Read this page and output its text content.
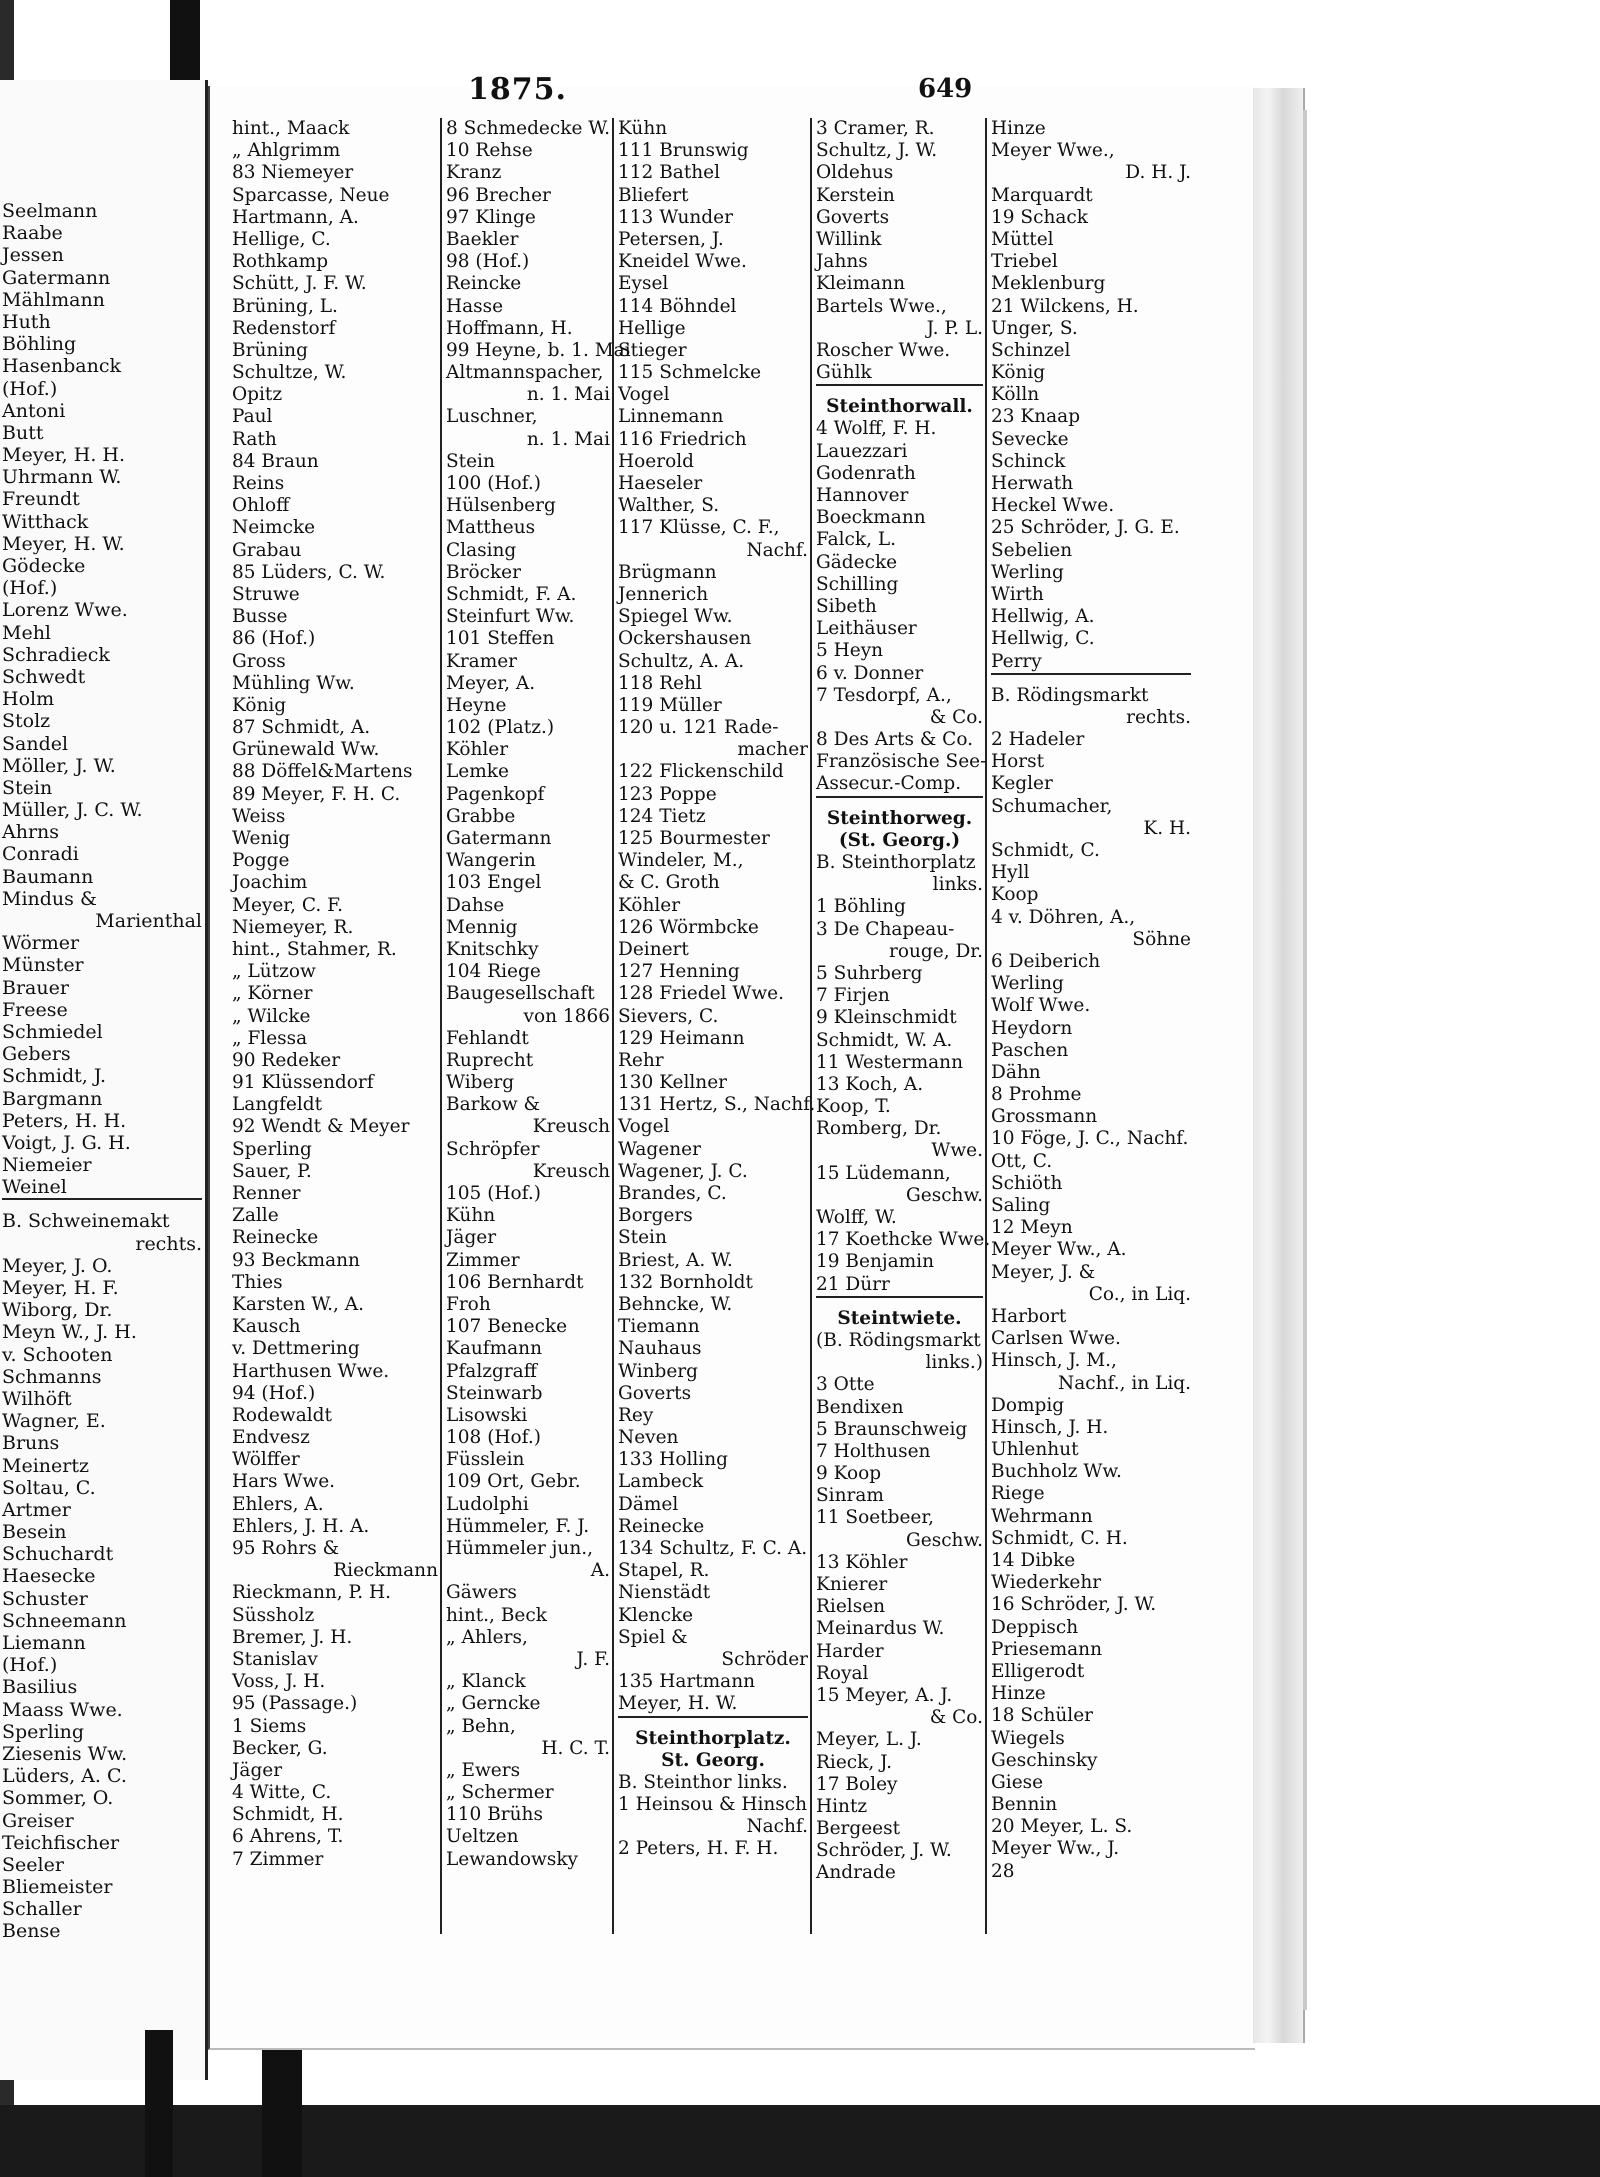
Seelmann
Raabe
Jessen
Gatermann
Mählmann
Huth
Böhling
Hasenbanck
(Hof.)
Antoni
Butt
Meyer, H. H.
Uhrmann W.
Freundt
Witthack
Meyer, H. W.
Gödecke
(Hof.)
Lorenz Wwe.
Mehl
Schradieck
Schwedt
Holm
Stolz
Sandel
Möller, J. W.
Stein
Müller, J. C. W.
Ahrns
Conradi
Baumann
Mindus &
Marienthal
Wörmer
Münster
Brauer
Freese
Schmiedel
Gebers
Schmidt, J.
Bargmann
Peters, H. H.
Voigt, J. G. H.
Niemeier
Weinel
B. Schweinemakt
rechts.
Meyer, J. O.
Meyer, H. F.
Wiborg, Dr.
Meyn W., J. H.
v. Schooten
Schmanns
Wilhöft
Wagner, E.
Bruns
Meinertz
Soltau, C.
Artmer
Besein
Schuchardt
Haesecke
Schuster
Schneemann
Liemann
(Hof.)
Basilius
Maass Wwe.
Sperling
Ziesenis Ww.
Lüders, A. C.
Sommer, O.
Greiser
Teichfischer
Seeler
Bliemeister
Schaller
Bense
1875.	649
hint., Maack
„ Ahlgrimm
83 Niemeyer
Sparcasse, Neue
Hartmann, A.
Hellige, C.
Rothkamp
Schütt, J. F. W.
Brüning, L.
Redenstorf
Brüning
Schultze, W.
Opitz
Paul
Rath
84 Braun
Reins
Ohloff
Neimcke
Grabau
85 Lüders, C. W.
Struwe
Busse
86 (Hof.)
Gross
Mühling Ww.
König
87 Schmidt, A.
Grünewald Ww.
88 Döffel&Martens
89 Meyer, F. H. C.
Weiss
Wenig
Pogge
Joachim
Meyer, C. F.
Niemeyer, R.
hint., Stahmer, R.
„ Lützow
„ Körner
„ Wilcke
„ Flessa
90 Redeker
91 Klüssendorf
Langfeldt
92 Wendt & Meyer
Sperling
Sauer, P.
Renner
Zalle
Reinecke
93 Beckmann
Thies
Karsten W., A.
Kausch
v. Dettmering
Harthusen Wwe.
94 (Hof.)
Rodewaldt
Endvesz
Wölffer
Hars Wwe.
Ehlers, A.
Ehlers, J. H. A.
95 Rohrs &
Rieckmann
Rieckmann, P. H.
Süssholz
Bremer, J. H.
Stanislav
Voss, J. H.
95 (Passage.)
1 Siems
Becker, G.
Jäger
4 Witte, C.
Schmidt, H.
6 Ahrens, T.
7 Zimmer
8 Schmedecke W.
10 Rehse
Kranz
96 Brecher
97 Klinge
Baekler
98 (Hof.)
Reincke
Hasse
Hoffmann, H.
99 Heyne, b. 1. Mai
Altmannspacher,
n. 1. Mai
Luschner,
n. 1. Mai
Stein
100 (Hof.)
Hülsenberg
Mattheus
Clasing
Bröcker
Schmidt, F. A.
Steinfurt Ww.
101 Steffen
Kramer
Meyer, A.
Heyne
102 (Platz.)
Köhler
Lemke
Pagenkopf
Grabbe
Gatermann
Wangerin
103 Engel
Dahse
Mennig
Knitschky
104 Riege
Baugesellschaft
von 1866
Fehlandt
Ruprecht
Wiberg
Barkow &
Kreusch
Schröpfer
Kreusch
105 (Hof.)
Kühn
Jäger
Zimmer
106 Bernhardt
Froh
107 Benecke
Kaufmann
Pfalzgraff
Steinwarb
Lisowski
108 (Hof.)
Füsslein
109 Ort, Gebr.
Ludolphi
Hümmeler, F. J.
Hümmeler jun.,
A.
Gäwers
hint., Beck
„ Ahlers,
J. F.
„ Klanck
„ Gerncke
„ Behn,
H. C. T.
„ Ewers
„ Schermer
110 Brühs
Ueltzen
Lewandowsky
Kühn
111 Brunswig
112 Bathel
Bliefert
113 Wunder
Petersen, J.
Kneidel Wwe.
Eysel
114 Böhndel
Hellige
Stieger
115 Schmelcke
Vogel
Linnemann
116 Friedrich
Hoerold
Haeseler
Walther, S.
117 Klüsse, C. F.,
Nachf.
Brügmann
Jennerich
Spiegel Ww.
Ockershausen
Schultz, A. A.
118 Rehl
119 Müller
120 u. 121 Rade-
macher
122 Flickenschild
123 Poppe
124 Tietz
125 Bourmester
Windeler, M.,
& C. Groth
Köhler
126 Wörmbcke
Deinert
127 Henning
128 Friedel Wwe.
Sievers, C.
129 Heimann
Rehr
130 Kellner
131 Hertz, S., Nachf.
Vogel
Wagener
Wagener, J. C.
Brandes, C.
Borgers
Stein
Briest, A. W.
132 Bornholdt
Behncke, W.
Tiemann
Nauhaus
Winberg
Goverts
Rey
Neven
133 Holling
Lambeck
Dämel
Reinecke
134 Schultz, F. C. A.
Stapel, R.
Nienstädt
Klencke
Spiel &
Schröder
135 Hartmann
Meyer, H. W.
Steinthorplatz.
St. Georg.
B. Steinthor links.
1 Heinsou & Hinsch
Nachf.
2 Peters, H. F. H.
3 Cramer, R.
Schultz, J. W.
Oldehus
Kerstein
Goverts
Willink
Jahns
Kleimann
Bartels Wwe.,
J. P. L.
Roscher Wwe.
Gühlk
Steinthorwall.
4 Wolff, F. H.
Lauezzari
Godenrath
Hannover
Boeckmann
Falck, L.
Gädecke
Schilling
Sibeth
Leithäuser
5 Heyn
6 v. Donner
7 Tesdorpf, A.,
& Co.
8 Des Arts & Co.
Französische See-
Assecur.-Comp.
Steinthorweg.
(St. Georg.)
B. Steinthorplatz
links.
1 Böhling
3 De Chapeau-
rouge, Dr.
5 Suhrberg
7 Firjen
9 Kleinschmidt
Schmidt, W. A.
11 Westermann
13 Koch, A.
Koop, T.
Romberg, Dr.
Wwe.
15 Lüdemann,
Geschw.
Wolff, W.
17 Koethcke Wwe.
19 Benjamin
21 Dürr
Steintwiete.
(B. Rödingsmarkt
links.)
3 Otte
Bendixen
5 Braunschweig
7 Holthusen
9 Koop
Sinram
11 Soetbeer,
Geschw.
13 Köhler
Knierer
Rielsen
Meinardus W.
Harder
Royal
15 Meyer, A. J.
& Co.
Meyer, L. J.
Rieck, J.
17 Boley
Hintz
Bergeest
Schröder, J. W.
Andrade
Hinze
Meyer Wwe.,
D. H. J.
Marquardt
19 Schack
Müttel
Triebel
Meklenburg
21 Wilckens, H.
Unger, S.
Schinzel
König
Kölln
23 Knaap
Sevecke
Schinck
Herwath
Heckel Wwe.
25 Schröder, J. G. E.
Sebelien
Werling
Wirth
Hellwig, A.
Hellwig, C.
Perry
B. Rödingsmarkt
rechts.
2 Hadeler
Horst
Kegler
Schumacher,
K. H.
Schmidt, C.
Hyll
Koop
4 v. Döhren, A.,
Söhne
6 Deiberich
Werling
Wolf Wwe.
Heydorn
Paschen
Dähn
8 Prohme
Grossmann
10 Föge, J. C., Nachf.
Ott, C.
Schiöth
Saling
12 Meyn
Meyer Ww., A.
Meyer, J. &
Co., in Liq.
Harbort
Carlsen Wwe.
Hinsch, J. M.,
Nachf., in Liq.
Dompig
Hinsch, J. H.
Uhlenhut
Buchholz Ww.
Riege
Wehrmann
Schmidt, C. H.
14 Dibke
Wiederkehr
16 Schröder, J. W.
Deppisch
Priesemann
Elligerodt
Hinze
18 Schüler
Wiegels
Geschinsky
Giese
Bennin
20 Meyer, L. S.
Meyer Ww., J.
28
